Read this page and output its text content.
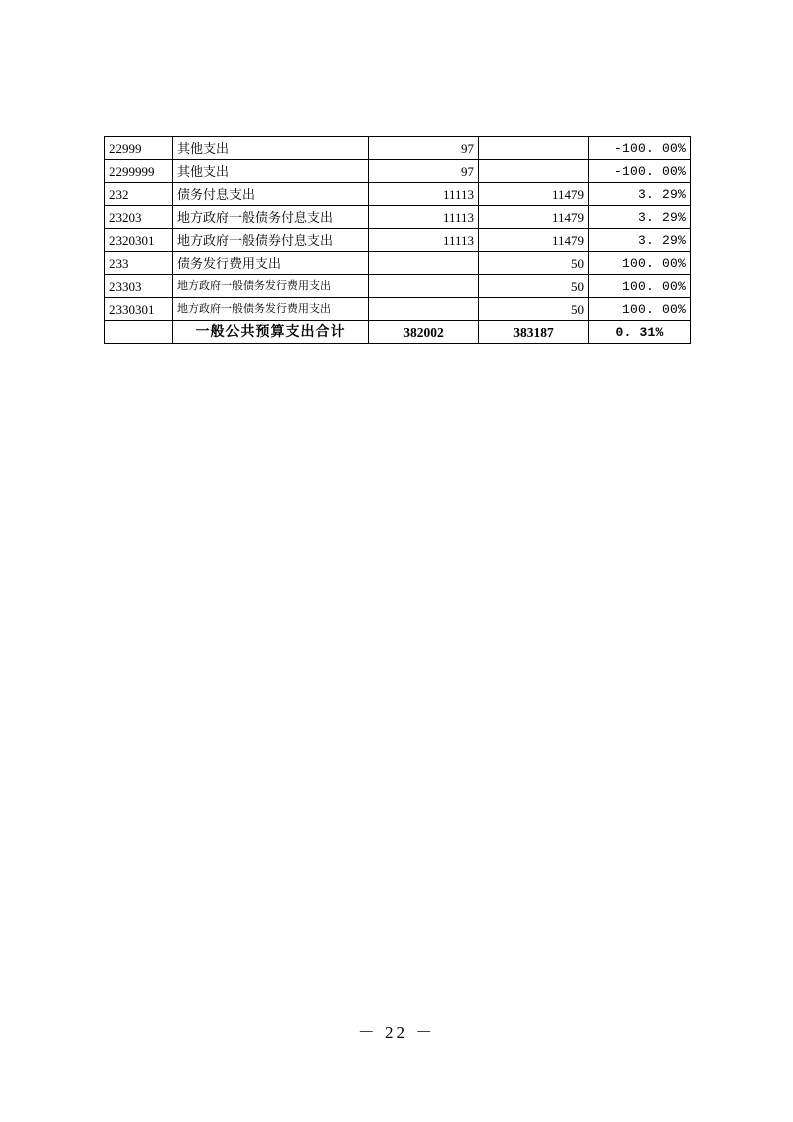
22999	其他支出	97		-100. 00%
2299999	其他支出	97		-100. 00%
232	债务付息支出	11113	11479	3. 29%
23203	地方政府一般债务付息支出	11113	11479	3. 29%
2320301	地方政府一般债券付息支出	11113	11479	3. 29%
233	债务发行费用支出		50	100. 00%
23303	地方政府一般债务发行费用支出		50	100. 00%
2330301	地方政府一般债务发行费用支出		50	100. 00%
	一般公共预算支出合计	382002	383187	0. 31%
－ 22 －
